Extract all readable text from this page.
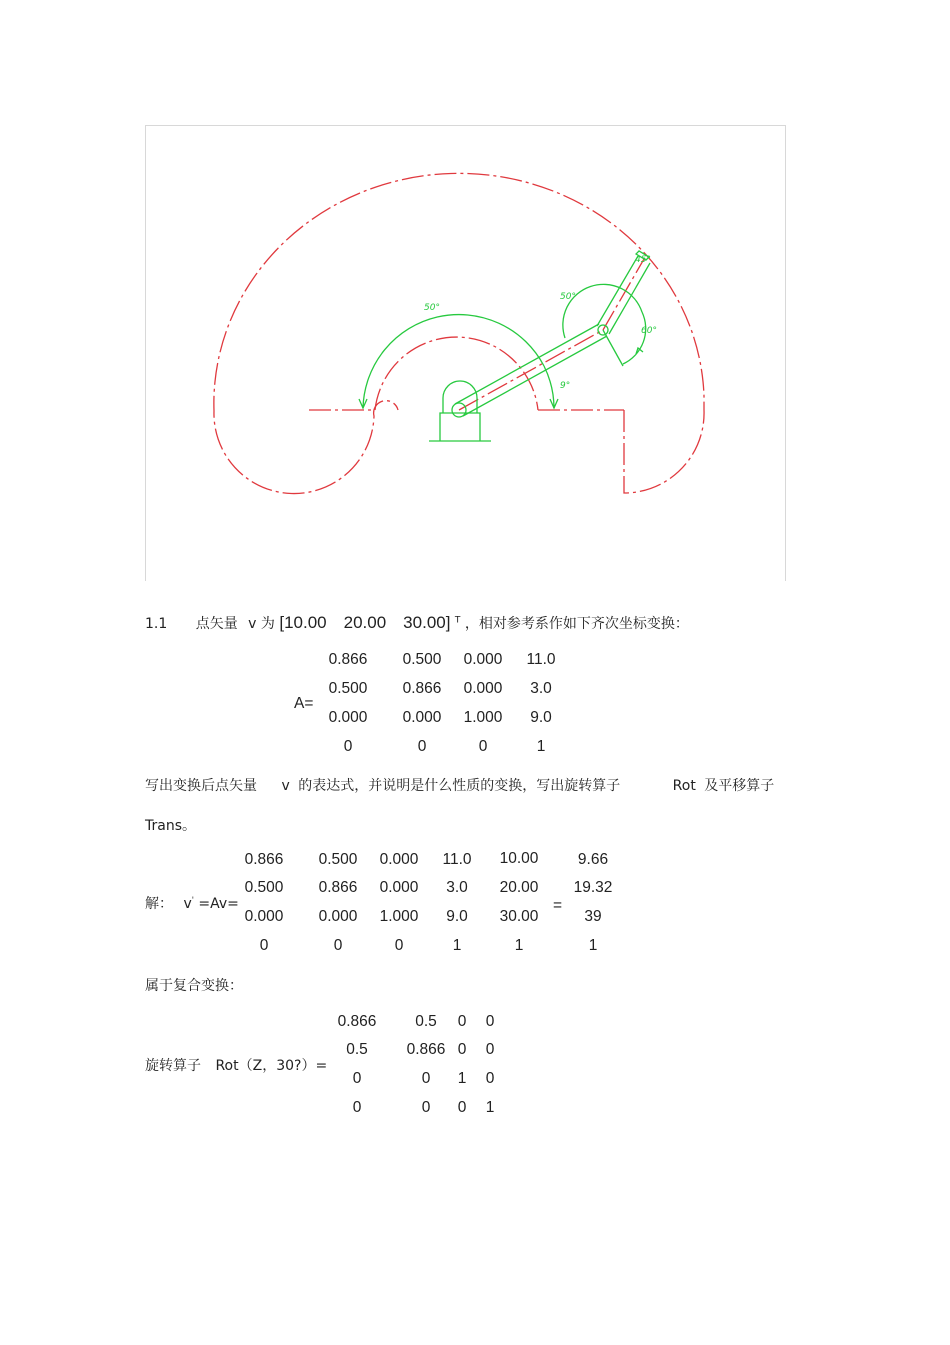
50°
50°
60°
9°
45°
1.1 点矢量 v 为 [10.00　20.00　30.00] $^T$ ，相对参考系作如下齐次坐标变换：
A=
0.866	0.500	0.000	11.0
0.500	0.866	0.000	3.0
0.000	0.000	1.000	9.0
0	0	0	1
写出变换后点矢量 v 的表达式，并说明是什么性质的变换，写出旋转算子	Rot 及平移算子
Trans。
解： v' =Av=
0.866	0.500	0.000	11.0
0.500	0.866	0.000	3.0
0.000	0.000	1.000	9.0
0	0	0	1
10.00
20.00
30.00
1
=
9.66
19.32
39
1
属于复合变换：
旋转算子 Rot（Z，30?）=
0.866	0.5	0	0
0.5	0.866 0	0
0	0	1	0
0	0	0	1
